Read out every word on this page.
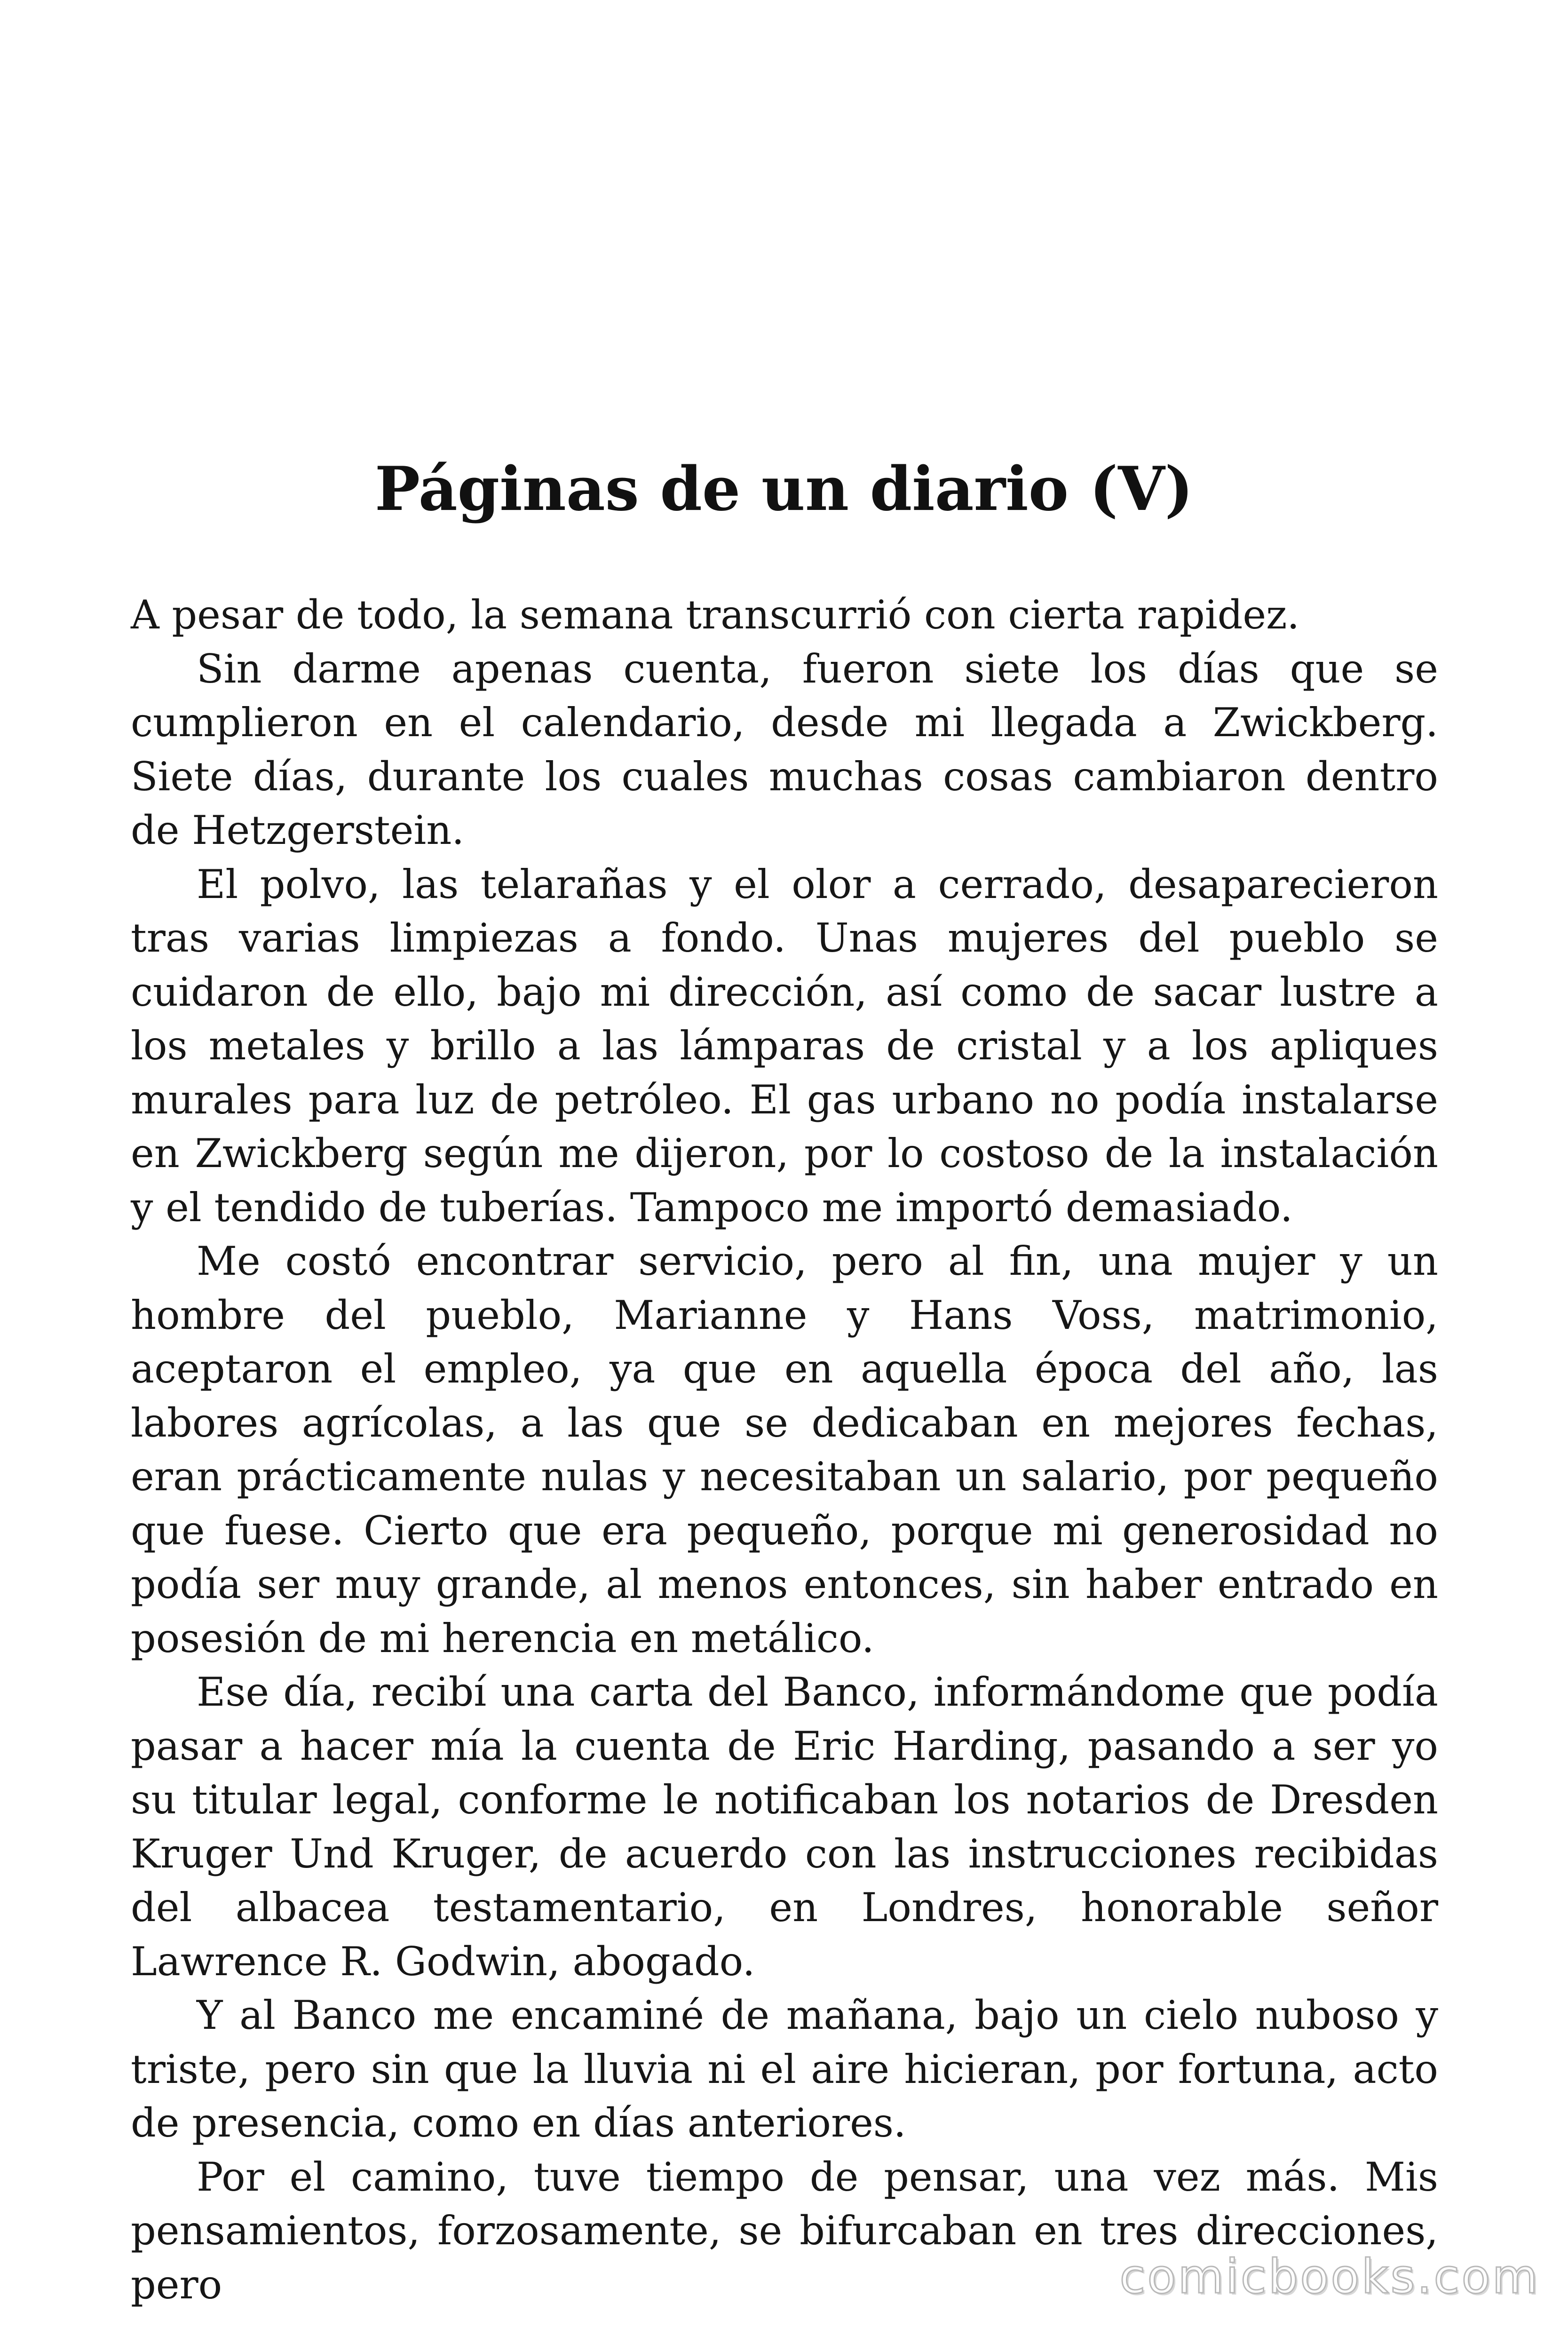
Páginas de un diario (V)

A pesar de todo, la semana transcurrió con cierta rapidez.

Sin darme apenas cuenta, fueron siete los días que se cumplieron en el calendario, desde mi llegada a Zwickberg. Siete días, durante los cuales muchas cosas cambiaron dentro de Hetzgerstein.

El polvo, las telarañas y el olor a cerrado, desaparecieron tras varias limpiezas a fondo. Unas mujeres del pueblo se cuidaron de ello, bajo mi dirección, así como de sacar lustre a los metales y brillo a las lámparas de cristal y a los apliques murales para luz de petróleo. El gas urbano no podía instalarse en Zwickberg según me dijeron, por lo costoso de la instalación y el tendido de tuberías. Tampoco me importó demasiado.

Me costó encontrar servicio, pero al fin, una mujer y un hombre del pueblo, Marianne y Hans Voss, matrimonio, aceptaron el empleo, ya que en aquella época del año, las labores agrícolas, a las que se dedicaban en mejores fechas, eran prácticamente nulas y necesitaban un salario, por pequeño que fuese. Cierto que era pequeño, porque mi generosidad no podía ser muy grande, al menos entonces, sin haber entrado en posesión de mi herencia en metálico.

Ese día, recibí una carta del Banco, informándome que podía pasar a hacer mía la cuenta de Eric Harding, pasando a ser yo su titular legal, conforme le notificaban los notarios de Dresden Kruger Und Kruger, de acuerdo con las instrucciones recibidas del albacea testamentario, en Londres, honorable señor Lawrence R. Godwin, abogado.

Y al Banco me encaminé de mañana, bajo un cielo nuboso y triste, pero sin que la lluvia ni el aire hicieran, por fortuna, acto de presencia, como en días anteriores.

Por el camino, tuve tiempo de pensar, una vez más. Mis pensamientos, forzosamente, se bifurcaban en tres direcciones, pero	comicbooks.com
